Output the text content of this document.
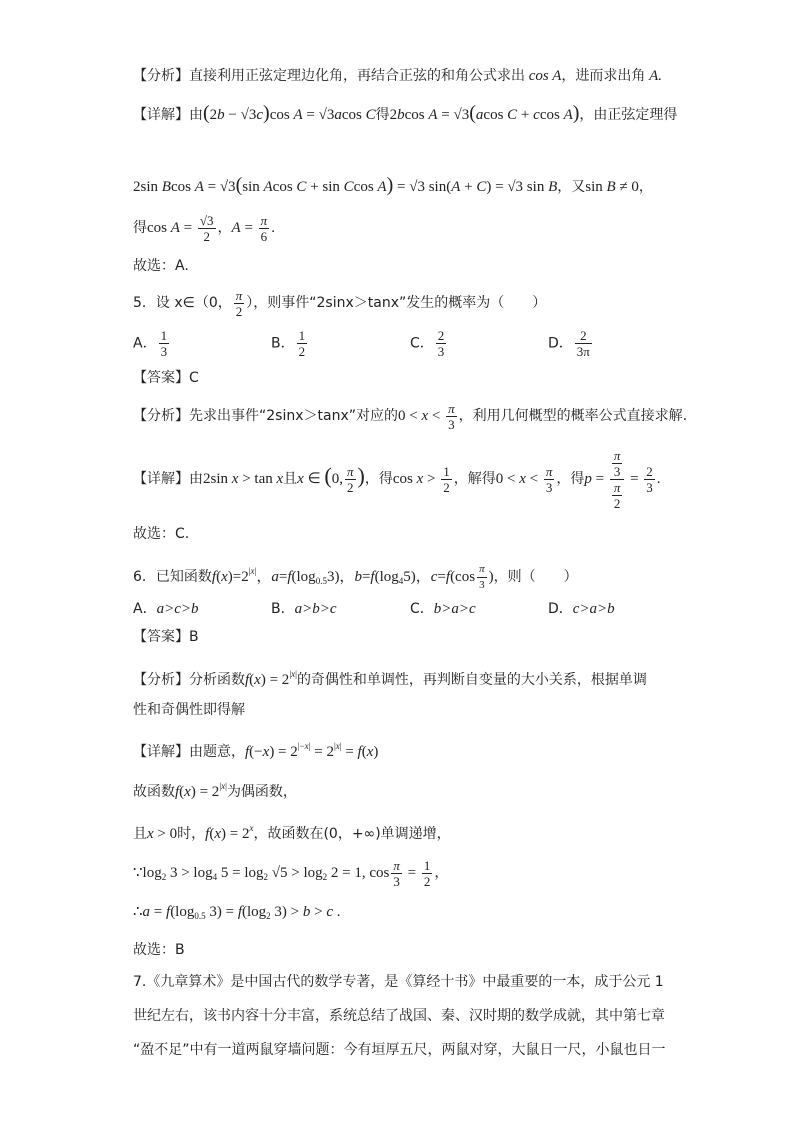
【分析】直接利用正弦定理边化角，再结合正弦的和角公式求出 cos A，进而求出角 A.
【详解】由(2b − √3c)cos A = √3acos C得2bcos A = √3(acos C + ccos A)，由正弦定理得
2sin Bcos A = √3(sin Acos C + sin Ccos A) = √3 sin(A + C) = √3 sin B，又sin B ≠ 0，
得$\cos A = \frac{√3}{2}$ ，$A = \frac{\pi}{6}$ .
故选：A.
5．设 x∈（0， $\frac{\pi}{2}$ ），则事件“2sinx＞tanx”发生的概率为（　　）
A． $\frac{1}{3}$	B． $\frac{1}{2}$	C． $\frac{2}{3}$	D． $\frac{2}{3\pi}$
【答案】C
【分析】先求出事件“2sinx＞tanx”对应的$0 < x < \frac{\pi}{3}$ ，利用几何概型的概率公式直接求解.
【详解】由2sin x > tan x且x ∈ (0, $\frac{\pi}{2}$ )，得$\cos x > \frac{1}{2}$ ，解得$0 < x < \frac{\pi}{3}$ ，得$p = \frac{\frac{\pi}{3}}{\frac{\pi}{2}} = \frac{2}{3}$ .
故选：C.
6．已知函数$f(x)=2^{|x|}$，$a=f(\log_{0.5}3)$，$b=f(\log_45)$，$c=f(\cos \frac{\pi}{3}$ )，则（　　）
A．a>c>b	B．a>b>c	C．b>a>c	D．c>a>b
【答案】B
【分析】分析函数$f(x) = 2^{|x|}$的奇偶性和单调性，再判断自变量的大小关系，根据单调
性和奇偶性即得解
【详解】由题意，$f(-x) = 2^{|-x|} = 2^{|x|} = f(x)$
故函数$f(x) = 2^{|x|}$为偶函数，
且x > 0时，$f(x) = 2^x$，故函数在(0，+∞)单调递增，
$\because\log_2$ $3 > \log_4 5 = \log_2 √5 > \log_2 2 = 1$, $\cos \frac{\pi}{3} = \frac{1}{2}$ ，
∴a = $f(\log_{0.5}$ $3) = f(\log_2$ 3) > b > c .
故选：B
7.《九章算术》是中国古代的数学专著，是《算经十书》中最重要的一本，成于公元 1
世纪左右，该书内容十分丰富，系统总结了战国、秦、汉时期的数学成就，其中第七章
“盈不足”中有一道两鼠穿墙问题：今有垣厚五尺，两鼠对穿，大鼠日一尺，小鼠也日一
